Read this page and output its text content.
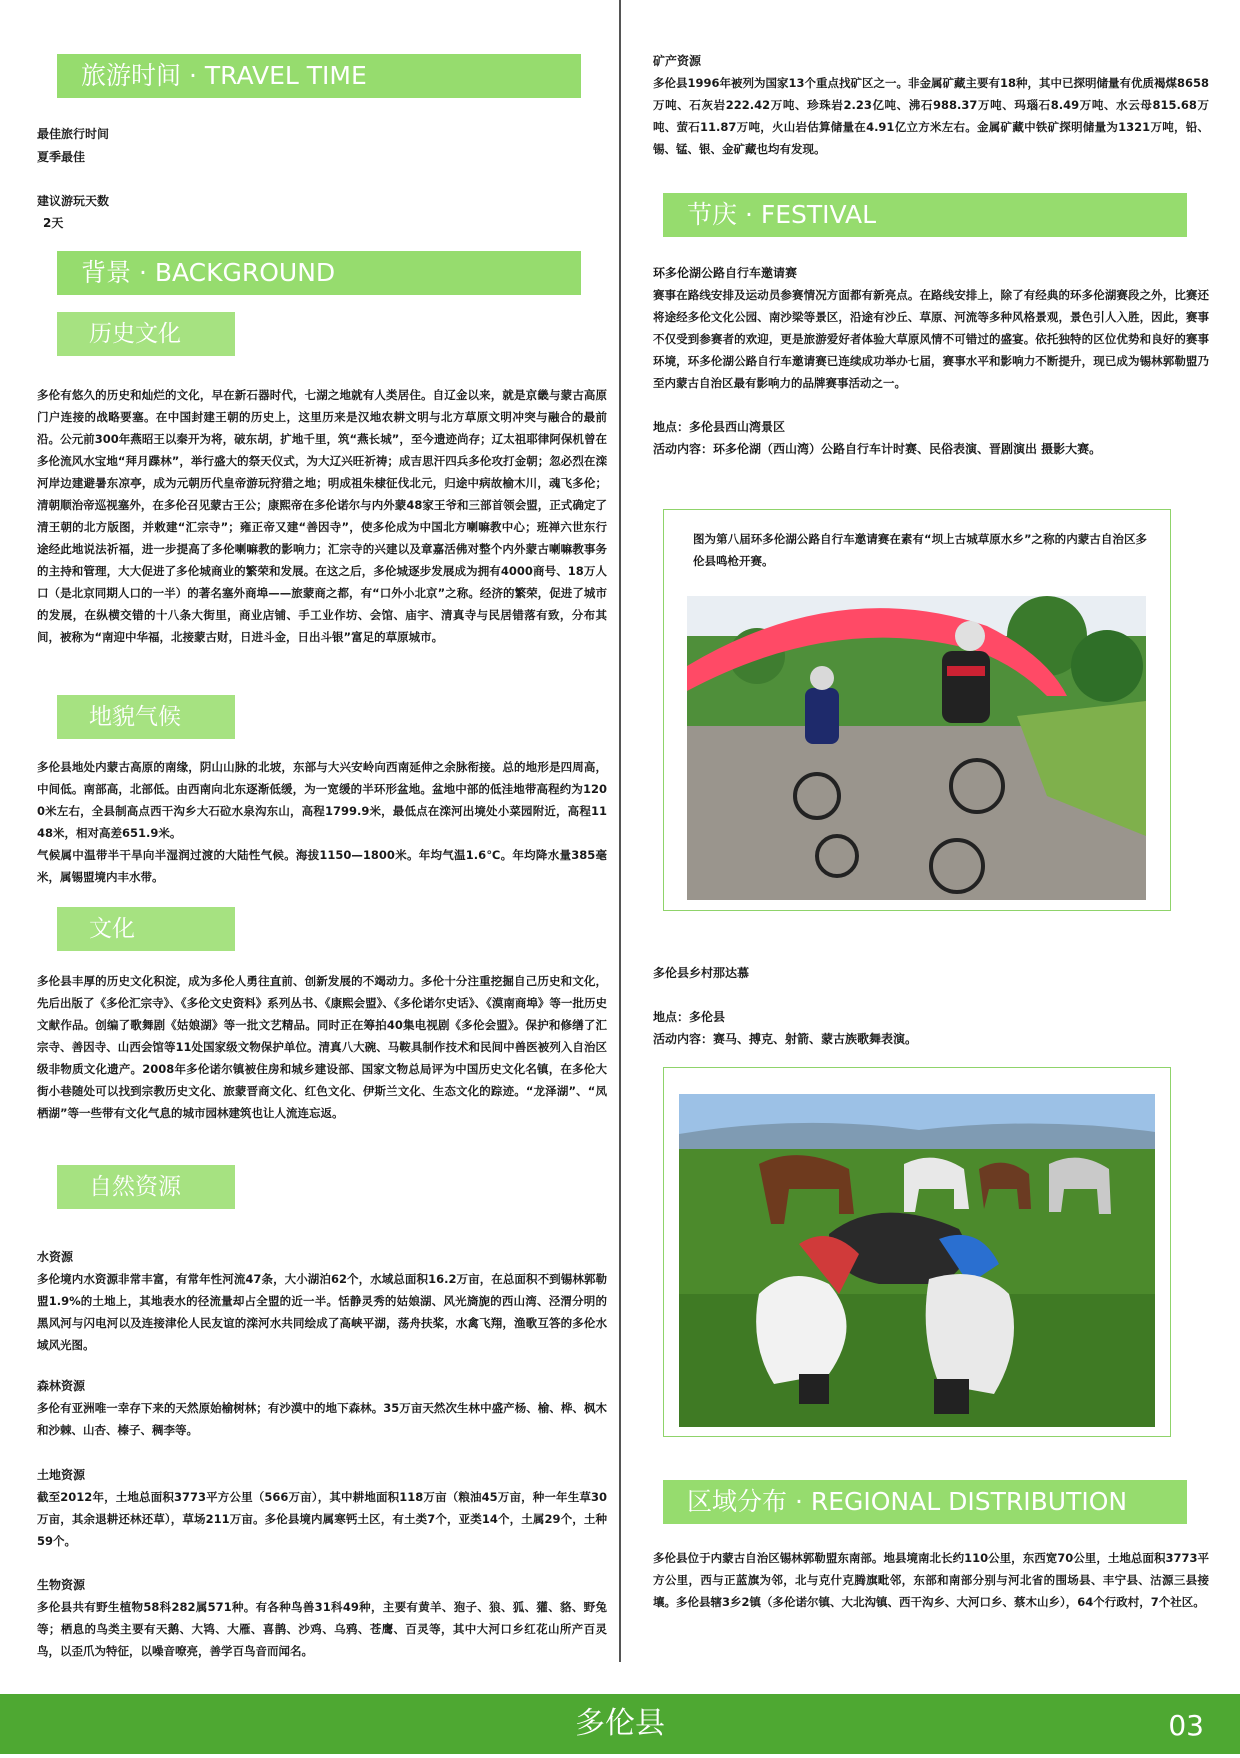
旅游时间 · TRAVEL TIME
最佳旅行时间
夏季最佳
建议游玩天数
2天
背景 · BACKGROUND
历史文化
多伦有悠久的历史和灿烂的文化，早在新石器时代，七湖之地就有人类居住。自辽金以来，就是京畿与蒙古高原门户连接的战略要塞。在中国封建王朝的历史上，这里历来是汉地农耕文明与北方草原文明冲突与融合的最前沿。公元前300年燕昭王以秦开为将，破东胡，扩地千里，筑“燕长城”，至今遗迹尚存；辽太祖耶律阿保机曾在多伦流风水宝地“拜月蹀林”，举行盛大的祭天仪式，为大辽兴旺祈祷；成吉思汗四兵多伦攻打金朝；忽必烈在滦河岸边建避暑东凉亭，成为元朝历代皇帝游玩狩猎之地；明成祖朱棣征伐北元，归途中病故榆木川，魂飞多伦；清朝顺治帝巡视塞外，在多伦召见蒙古王公；康熙帝在多伦诺尔与内外蒙48家王爷和三部首领会盟，正式确定了清王朝的北方版图，并敕建“汇宗寺”；雍正帝又建“善因寺”，使多伦成为中国北方喇嘛教中心；班禅六世东行途经此地说法祈福，进一步提高了多伦喇嘛教的影响力；汇宗寺的兴建以及章嘉活佛对整个内外蒙古喇嘛教事务的主持和管理，大大促进了多伦城商业的繁荣和发展。在这之后，多伦城逐步发展成为拥有4000商号、18万人口（是北京同期人口的一半）的著名塞外商埠——旅蒙商之都，有“口外小北京”之称。经济的繁荣，促进了城市的发展，在纵横交错的十八条大街里，商业店铺、手工业作坊、会馆、庙宇、清真寺与民居错落有致，分布其间，被称为“南迎中华福，北接蒙古财，日进斗金，日出斗银”富足的草原城市。
地貌气候
多伦县地处内蒙古高原的南缘，阴山山脉的北坡，东部与大兴安岭向西南延伸之余脉衔接。总的地形是四周高，中间低。南部高，北部低。由西南向北东逐渐低缓，为一宽缓的半环形盆地。盆地中部的低洼地带高程约为1200米左右，全县制高点西干沟乡大石砬水泉沟东山，高程1799.9米，最低点在滦河出境处小菜园附近，高程1148米，相对高差651.9米。
气候属中温带半干旱向半湿润过渡的大陆性气候。海拔1150—1800米。年均气温1.6℃。年均降水量385毫米，属锡盟境内丰水带。
文化
多伦县丰厚的历史文化积淀，成为多伦人勇往直前、创新发展的不竭动力。多伦十分注重挖掘自己历史和文化，先后出版了《多伦汇宗寺》、《多伦文史资料》系列丛书、《康熙会盟》、《多伦诺尔史话》、《漠南商埠》等一批历史文献作品。创编了歌舞剧《姑娘湖》等一批文艺精品。同时正在筹拍40集电视剧《多伦会盟》。保护和修缮了汇宗寺、善因寺、山西会馆等11处国家级文物保护单位。清真八大碗、马鞍具制作技术和民间中兽医被列入自治区级非物质文化遗产。2008年多伦诺尔镇被住房和城乡建设部、国家文物总局评为中国历史文化名镇，在多伦大街小巷随处可以找到宗教历史文化、旅蒙晋商文化、红色文化、伊斯兰文化、生态文化的踪迹。“龙泽湖”、“凤栖湖”等一些带有文化气息的城市园林建筑也让人流连忘返。
自然资源
水资源
多伦境内水资源非常丰富，有常年性河流47条，大小湖泊62个，水域总面积16.2万亩，在总面积不到锡林郭勒盟1.9%的土地上，其地表水的径流量却占全盟的近一半。恬静灵秀的姑娘湖、风光旖旎的西山湾、泾渭分明的黑风河与闪电河以及连接津伦人民友谊的滦河水共同绘成了高峡平湖，荡舟扶桨，水禽飞翔，渔歌互答的多伦水域风光图。
森林资源
多伦有亚洲唯一幸存下来的天然原始榆树林；有沙漠中的地下森林。35万亩天然次生林中盛产杨、榆、桦、枫木和沙棘、山杏、榛子、稠李等。
土地资源
截至2012年，土地总面积3773平方公里（566万亩），其中耕地面积118万亩（粮油45万亩，种一年生草30万亩，其余退耕还林还草），草场211万亩。多伦县境内属寒钙土区，有土类7个，亚类14个，土属29个，土种59个。
生物资源
多伦县共有野生植物58科282属571种。有各种鸟兽31科49种，主要有黄羊、狍子、狼、狐、獾、貉、野兔等；栖息的鸟类主要有天鹅、大鸨、大雁、喜鹊、沙鸡、乌鸦、苍鹰、百灵等，其中大河口乡红花山所产百灵鸟，以歪爪为特征，以噪音嘹亮，善学百鸟音而闻名。
矿产资源
多伦县1996年被列为国家13个重点找矿区之一。非金属矿藏主要有18种，其中已探明储量有优质褐煤8658万吨、石灰岩222.42万吨、珍珠岩2.23亿吨、沸石988.37万吨、玛瑙石8.49万吨、水云母815.68万吨、萤石11.87万吨，火山岩估算储量在4.91亿立方米左右。金属矿藏中铁矿探明储量为1321万吨，铅、锡、锰、银、金矿藏也均有发现。
节庆 · FESTIVAL
环多伦湖公路自行车邀请赛
赛事在路线安排及运动员参赛情况方面都有新亮点。在路线安排上，除了有经典的环多伦湖赛段之外，比赛还将途经多伦文化公园、南沙梁等景区，沿途有沙丘、草原、河流等多种风格景观，景色引人入胜，因此，赛事不仅受到参赛者的欢迎，更是旅游爱好者体验大草原风情不可错过的盛宴。依托独特的区位优势和良好的赛事环境，环多伦湖公路自行车邀请赛已连续成功举办七届，赛事水平和影响力不断提升，现已成为锡林郭勒盟乃至内蒙古自治区最有影响力的品牌赛事活动之一。
地点：多伦县西山湾景区
活动内容：环多伦湖（西山湾）公路自行车计时赛、民俗表演、晋剧演出 摄影大赛。
图为第八届环多伦湖公路自行车邀请赛在素有“坝上古城草原水乡”之称的内蒙古自治区多伦县鸣枪开赛。
多伦县乡村那达慕
地点：多伦县
活动内容：赛马、搏克、射箭、蒙古族歌舞表演。
区域分布 · REGIONAL DISTRIBUTION
多伦县位于内蒙古自治区锡林郭勒盟东南部。地县境南北长约110公里，东西宽70公里，土地总面积3773平方公里，西与正蓝旗为邻，北与克什克腾旗毗邻，东部和南部分别与河北省的围场县、丰宁县、沽源三县接壤。多伦县辖3乡2镇（多伦诺尔镇、大北沟镇、西干沟乡、大河口乡、蔡木山乡），64个行政村，7个社区。
多伦县	03
